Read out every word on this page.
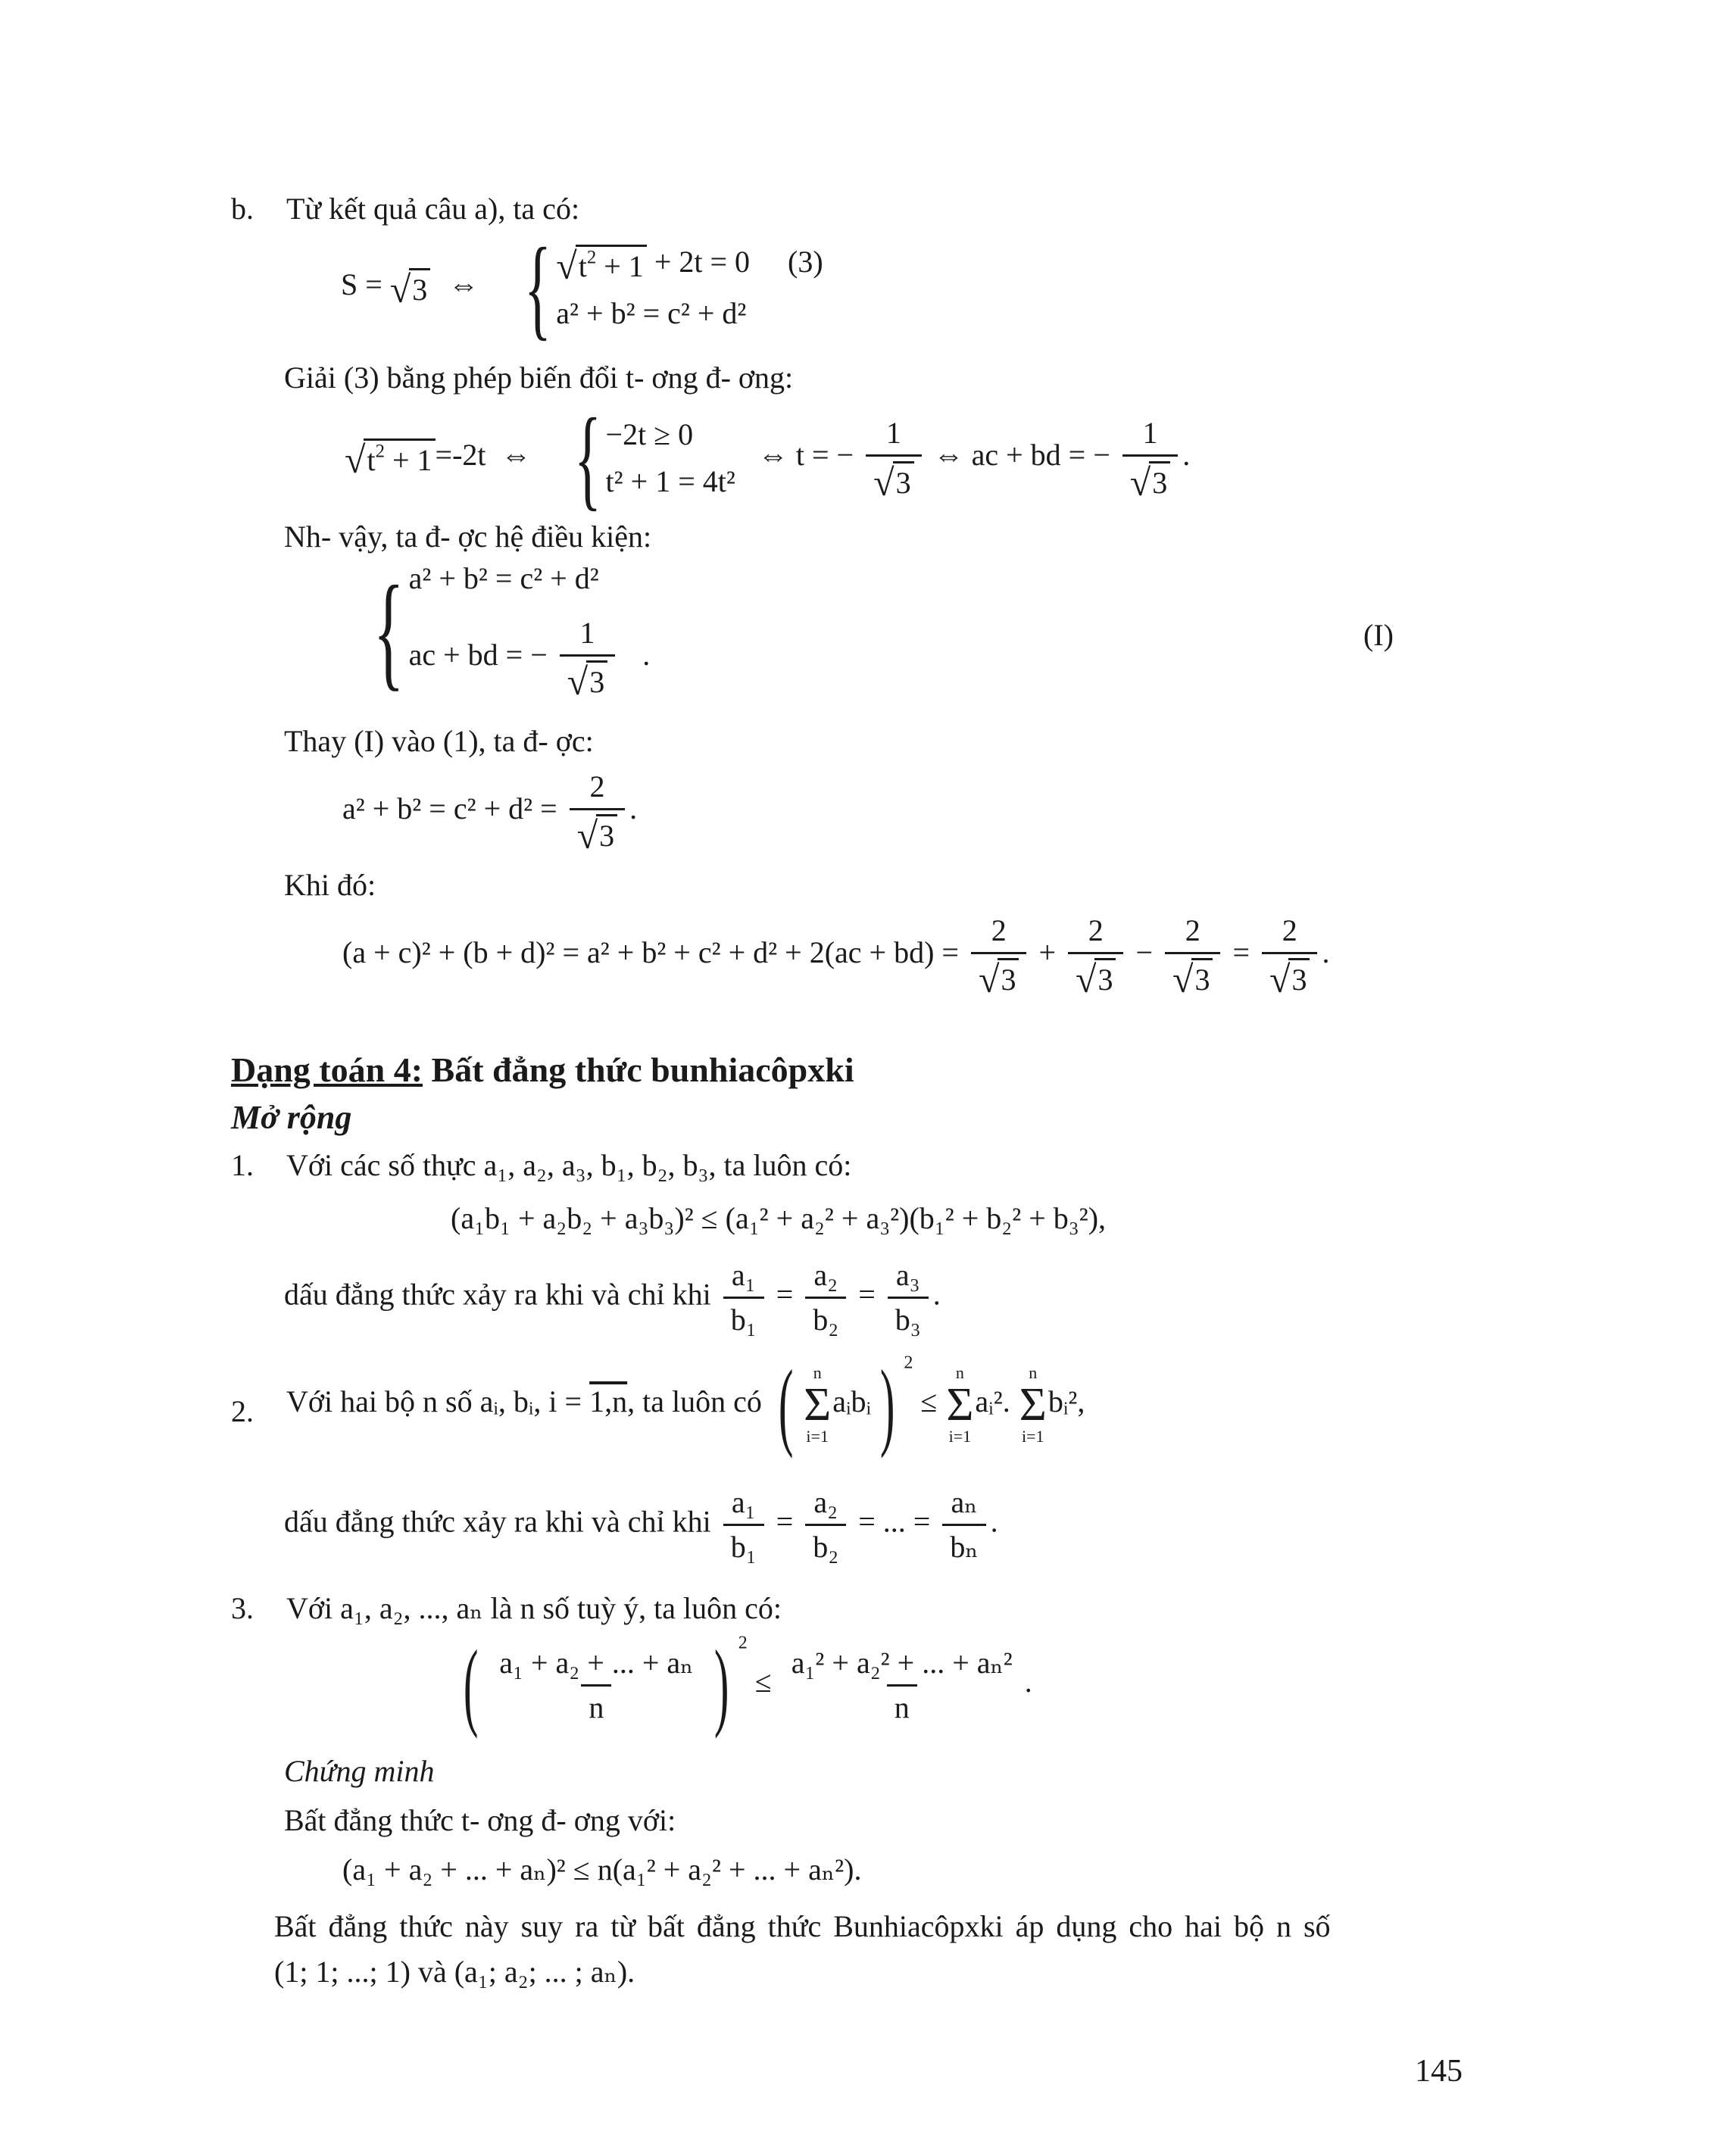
b. Từ kết quả câu a), ta có:
S = √ 3 ⇔ { √ $t^2 + 1 + 2t = 0$ (3)
a² + b² = c² + d²
Giải (3) bằng phép biến đổi t- ơng đ- ơng:
√ $t^2 + 1 =-2t$ ⇔ { −2t ≥ 0
t² + 1 = 4t²
⇔ t = − $\frac{1}{√ 3}$ ⇔ ac + bd = − $\frac{1}{√ 3}$ .
Nh- vậy, ta đ- ợc hệ điều kiện:
{ a² + b² = c² + d²
ac + bd = − $\frac{1}{√ 3}$ .
(I)
Thay (I) vào (1), ta đ- ợc:
$a^2 + b^2 = c^2 + d^2 = \frac{2}{√ 3}$ .
Khi đó:
$(a + c)^2 + (b + d)^2 = a^2 + b^2 + c^2 + d^2 + 2(ac + bd) = \frac{2}{√ 3} + \frac{2}{√ 3} - \frac{2}{√ 3} = \frac{2}{√ 3}$ .
Dạng toán 4: Bất đẳng thức bunhiacôpxki
Mở rộng
1. Với các số thực a₁, a₂, a₃, b₁, b₂, b₃, ta luôn có:
(a₁b₁ + a₂b₂ + a₃b₃)² ≤ (a₁² + a₂² + a₃²)(b₁² + b₂² + b₃²),
dấu đẳng thức xảy ra khi và chỉ khi $\frac{\text{a₁}}{\text{b₁}} = \frac{\text{a₂}}{\text{b₂}} = \frac{\text{a₃}}{\text{b₃}}$ .
2. Với hai bộ n số aᵢ, bᵢ, i = 1,n, ta luôn có ( n
Σ
i=1
aᵢbᵢ) $^2$ ≤
n
Σ
i=1
aᵢ².
n
Σ
i=1
bᵢ²,
dấu đẳng thức xảy ra khi và chỉ khi $\frac{\text{a₁}}{\text{b₁}} = \frac{\text{a₂}}{\text{b₂}}$ = ... = $\frac{\text{aₙ}}{\text{bₙ}}$ .
3. Với a₁, a₂, ..., aₙ là n số tuỳ ý, ta luôn có:
( $\frac{\text{a₁ + a₂ + ... + aₙ}}{n}$ ) $^2 \le \frac{\text{a₁² + a₂² + ... + aₙ²}}{n}$ .
Chứng minh
Bất đẳng thức t- ơng đ- ơng với:
(a₁ + a₂ + ... + aₙ)² ≤ n(a₁² + a₂² + ... + aₙ²).
Bất đẳng thức này suy ra từ bất đẳng thức Bunhiacôpxki áp dụng cho hai bộ n số
(1; 1; ...; 1) và (a₁; a₂; ... ; aₙ).
145
